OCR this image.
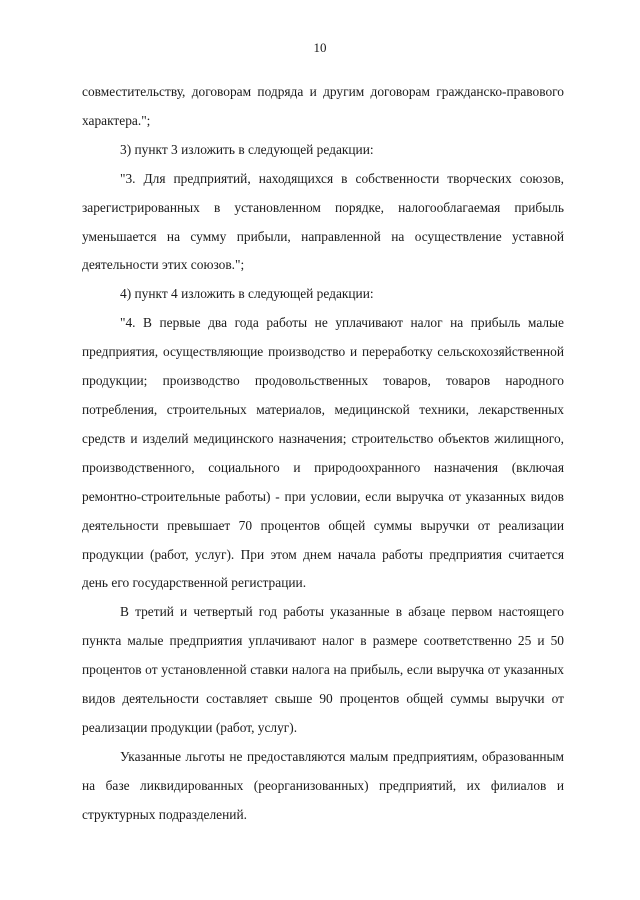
10

совместительству, договорам подряда и другим договорам гражданско-правового характера.";

3) пункт 3 изложить в следующей редакции:

"3. Для предприятий, находящихся в собственности творческих союзов, зарегистрированных в установленном порядке, налогооблагаемая прибыль уменьшается на сумму прибыли, направленной на осуществление уставной деятельности этих союзов.";

4) пункт 4 изложить в следующей редакции:

"4. В первые два года работы не уплачивают налог на прибыль малые предприятия, осуществляющие производство и переработку сельскохозяйственной продукции; производство продовольственных товаров, товаров народного потребления, строительных материалов, медицинской техники, лекарственных средств и изделий медицинского назначения; строительство объектов жилищного, производственного, социального и природоохранного назначения (включая ремонтно-строительные работы) - при условии, если выручка от указанных видов деятельности превышает 70 процентов общей суммы выручки от реализации продукции (работ, услуг). При этом днем начала работы предприятия считается день его государственной регистрации.

В третий и четвертый год работы указанные в абзаце первом настоящего пункта малые предприятия уплачивают налог в размере соответственно 25 и 50 процентов от установленной ставки налога на прибыль, если выручка от указанных видов деятельности составляет свыше 90 процентов общей суммы выручки от реализации продукции (работ, услуг).

Указанные льготы не предоставляются малым предприятиям, образованным на базе ликвидированных (реорганизованных) предприятий, их филиалов и структурных подразделений.
